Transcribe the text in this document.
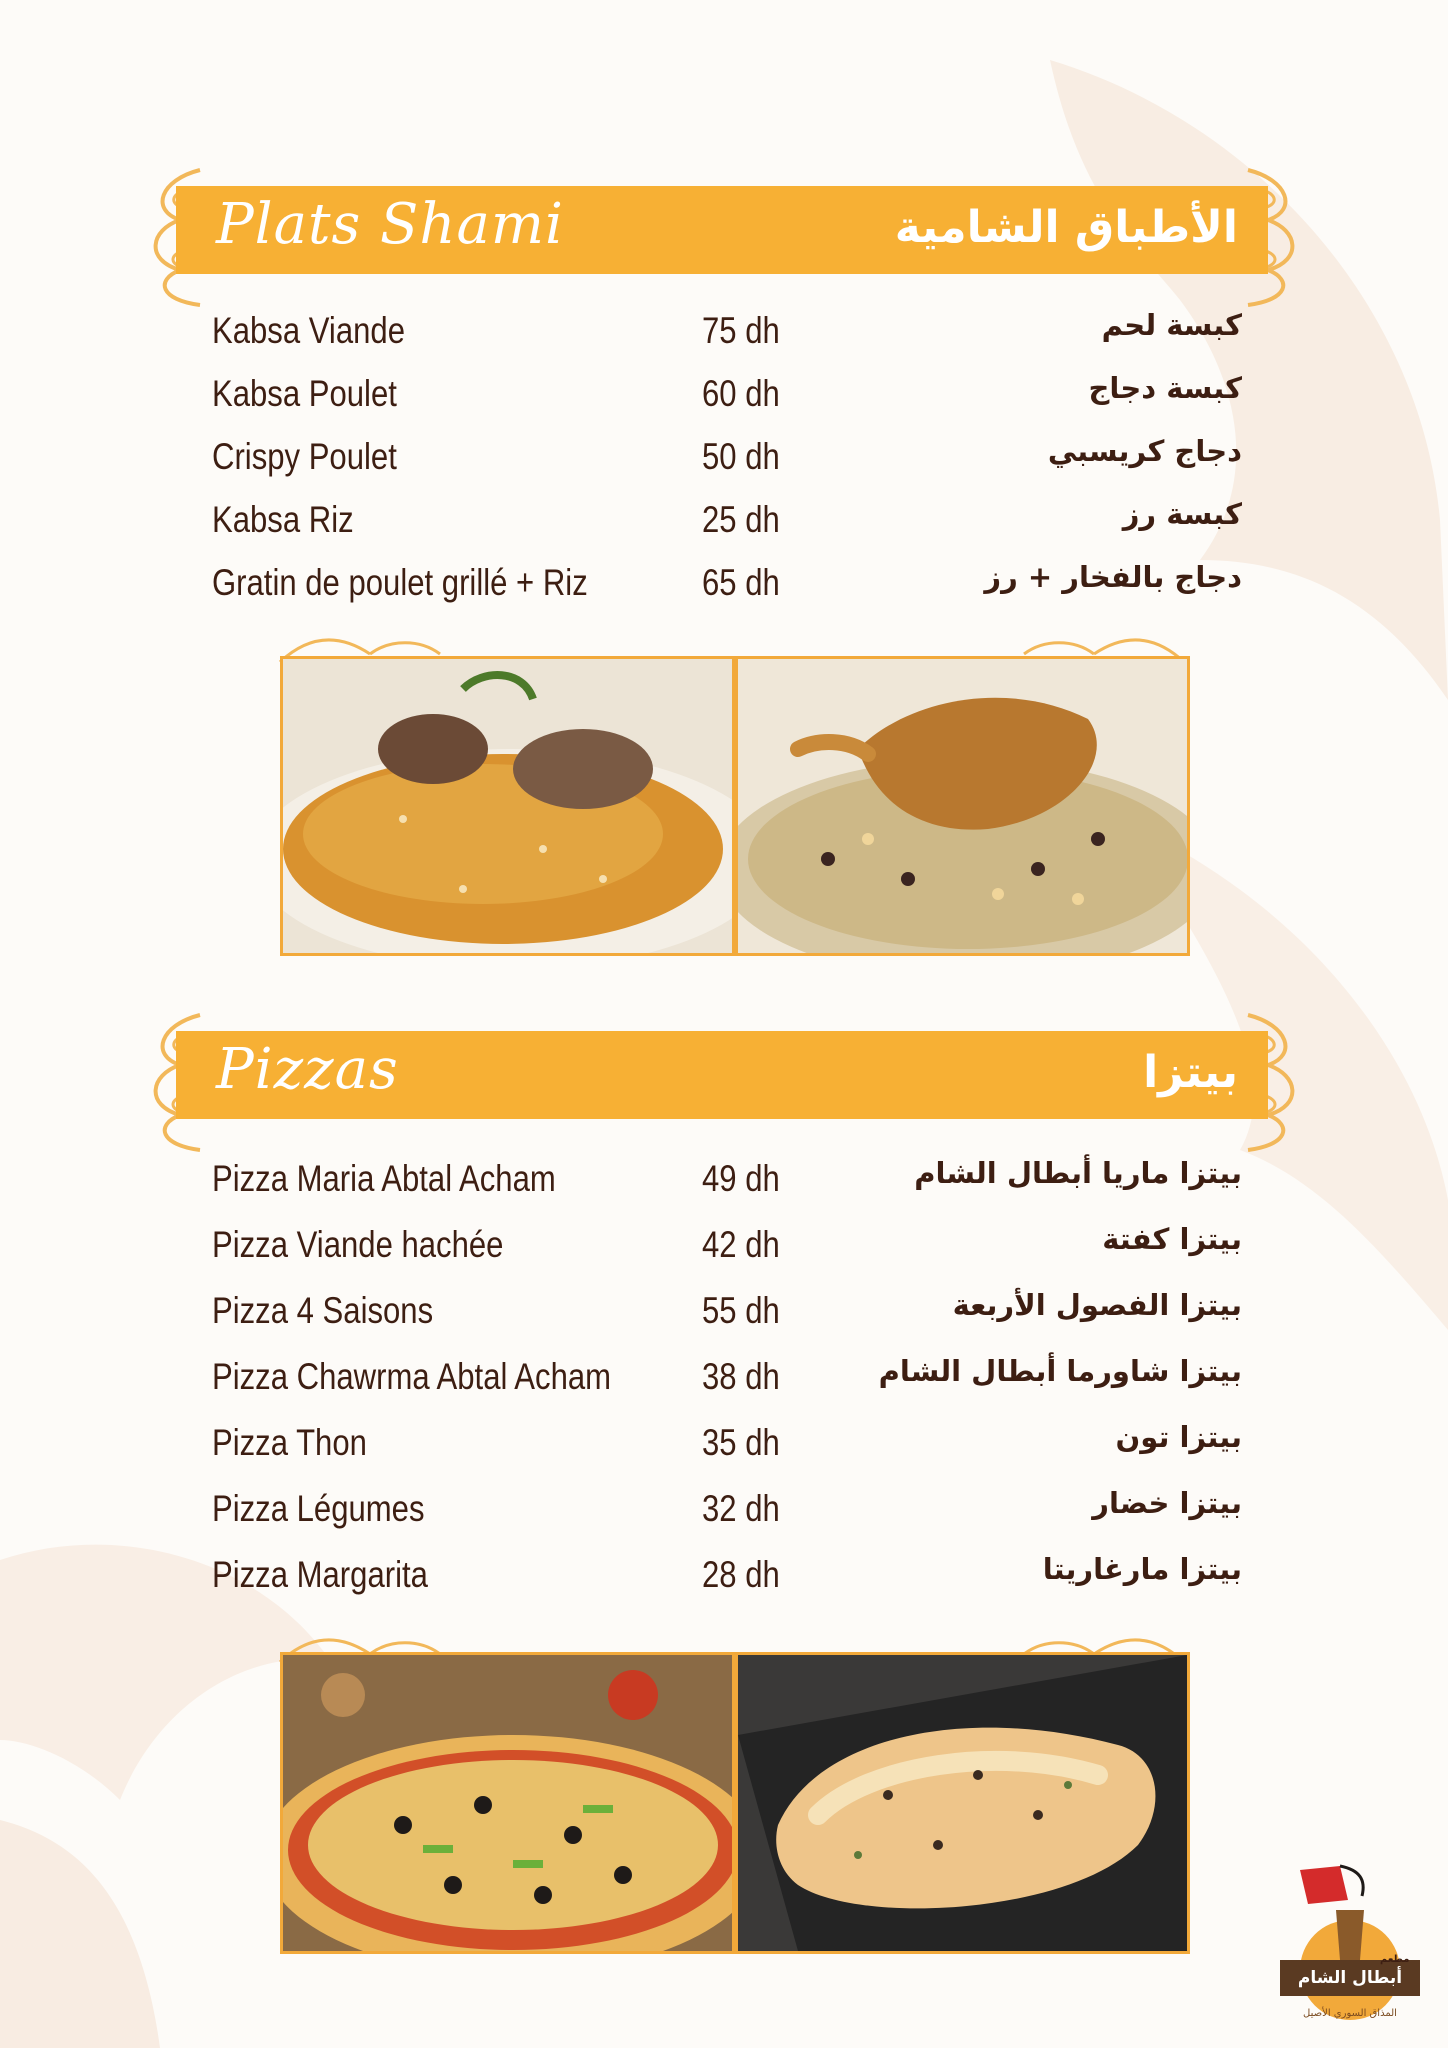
Plats Shami	الأطباق الشامية
Kabsa Viande	75 dh	كبسة لحم
Kabsa Poulet	60 dh	كبسة دجاج
Crispy Poulet	50 dh	دجاج كريسبي
Kabsa Riz	25 dh	كبسة رز
Gratin de poulet grillé + Riz	65 dh	دجاج بالفخار + رز
Pizzas	بيتزا
Pizza Maria Abtal Acham	49 dh	بيتزا ماريا أبطال الشام
Pizza Viande hachée	42 dh	بيتزا كفتة
Pizza 4 Saisons	55 dh	بيتزا الفصول الأربعة
Pizza Chawrma Abtal Acham 38 dh	بيتزا شاورما أبطال الشام
Pizza Thon	35 dh	بيتزا تون
Pizza Légumes	32 dh	بيتزا خضار
Pizza Margarita	28 dh	بيتزا مارغاريتا
مطعم
أبطال الشام
المذاق السوري الأصيل
